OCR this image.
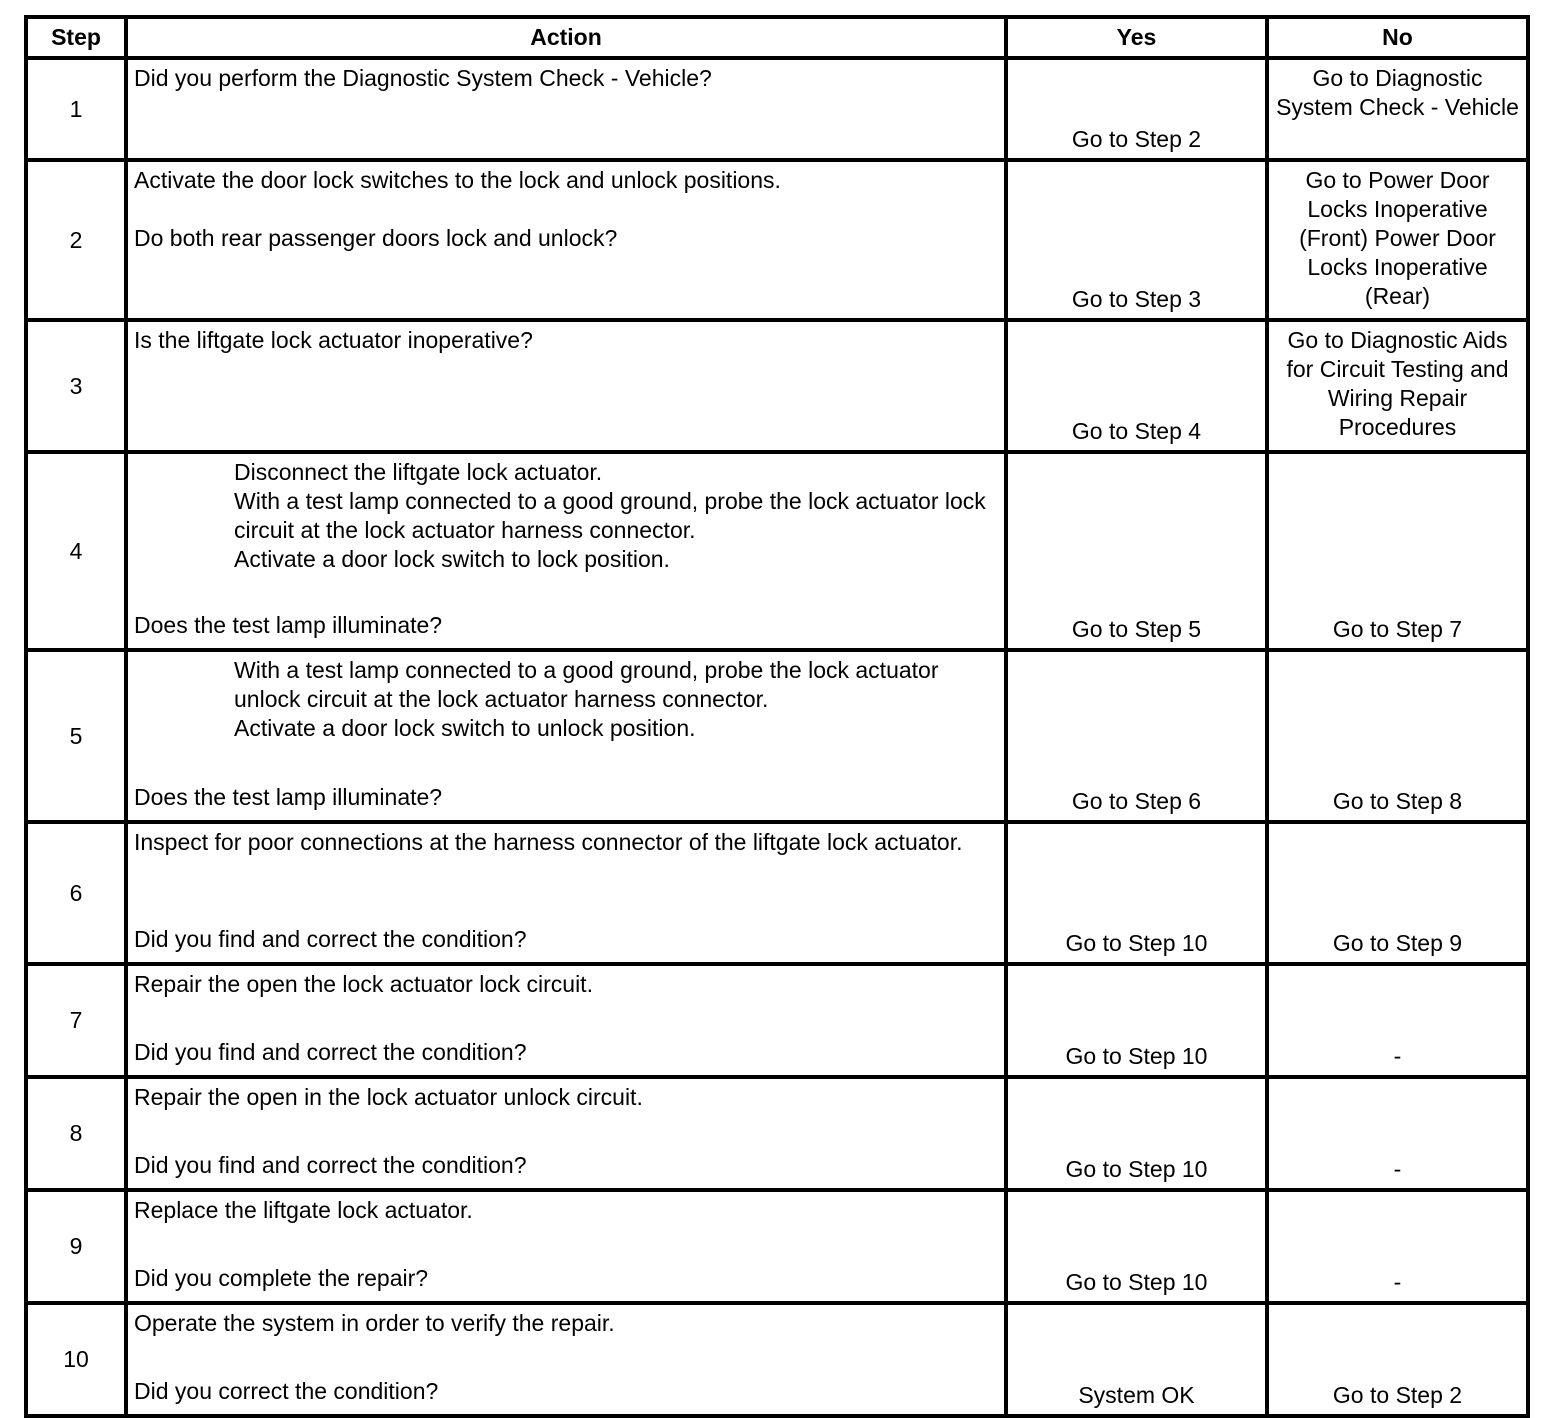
Step	Action	Yes	No
1	Did you perform the Diagnostic System Check - Vehicle?	Go to Step 2	Go to Diagnostic System Check - Vehicle

2	Activate the door lock switches to the lock and unlock positions.
Do both rear passenger doors lock and unlock?	Go to Step 3	Go to Power Door Locks Inoperative (Front) Power Door Locks Inoperative (Rear)

3	Is the liftgate lock actuator inoperative?	Go to Step 4	Go to Diagnostic Aids for Circuit Testing and Wiring Repair Procedures

4	Disconnect the liftgate lock actuator.
With a test lamp connected to a good ground, probe the lock actuator lock circuit at the lock actuator harness connector.
Activate a door lock switch to lock position.
Does the test lamp illuminate?	Go to Step 5	Go to Step 7

5	With a test lamp connected to a good ground, probe the lock actuator unlock circuit at the lock actuator harness connector.
Activate a door lock switch to unlock position.
Does the test lamp illuminate?	Go to Step 6	Go to Step 8

6	Inspect for poor connections at the harness connector of the liftgate lock actuator.
Did you find and correct the condition?	Go to Step 10	Go to Step 9

7	Repair the open the lock actuator lock circuit.
Did you find and correct the condition?	Go to Step 10	-

8	Repair the open in the lock actuator unlock circuit.
Did you find and correct the condition?	Go to Step 10	-

9	Replace the liftgate lock actuator.
Did you complete the repair?	Go to Step 10	-

10	Operate the system in order to verify the repair.
Did you correct the condition?	System OK	Go to Step 2
